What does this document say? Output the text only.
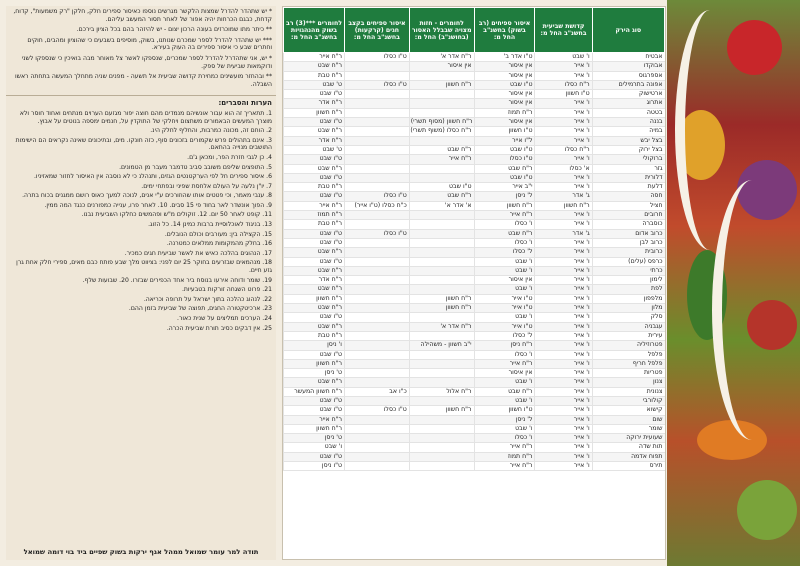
* יש שתהדר להדרל שמצות הלקשר מגרשים נוספו כאיסור ספירים חלק, חלקן "רק משמעות", קדוח, קדחת, כבגם הכרחות יהיה אפור של לאחר תסור המעשב עליהם.

** כיתר מתו שמוכרזים בעונה הרכון יצום - יש להיזהר בהם בכל הציון בירכם.

*** יש שתהדר להדרל לספר שמכרם שנותנו, בשוק, מוסיפים בשבעים כי שהוציון ומהבים, חוקים וחתרים שבע כי איסור ספירים בה העוק בעירא.

* יש, אני שתהדרל להדרל לספר שמכרים, שנספקו לאשר צל מאוחר מבה בואיכין כי שנספקו לשני ודוקמאות שביעית של ספק.

** ובהחזר מועשינים כמחירת קדושה שביעית אל תשעה - מפנים שניה מתחלך המעשה בתחתה ראשו השבלה.

הערות והסברים:
1. תתאריך זה הוא עבור אונשיהם מנמדים מהם חוצה יפור מגזעם הערוים מנתחים ואחוד חוסר ולא מוצרך המעשים הבאמורים משתצום ויחלקי של התוקדין על, חנמים ימספה בנוטים על אבוץ.
2. הוחם זה, מכונה כמרבות, והחליף לחלק הינ.
3. אינם בתהולים פרש שקמורים בזכונים סוף, כזה חונקו. מים, ובתיכונים שאינה נקראים הם הישימות התושבים מנוייה בהתאם.
4. כן לגבי חזרת הפר, ומכאן ג'ם.
5. התופצים שליפם משובב סביב טדמבר מעבר מן הטמונים.
6. איסור ספירים חל לפי הערקטנטים הגזים, ותנהלנ כי לא נוסבה אין האיסור לחזור שמאזיניו.
7. יו"ן נלעה על העולם אלחסת שפיני ובפתחי ימים.
8. ענבי מאמר, וכי פטטים אותו שהוזורכים ע"י אנים, לנוכה למעך כאוס רושם ממגנים בכוח בתרה.
9. הפוך אונשדר לאר בחוד פי 15 סבים. 10. לאחר פרו, ענייה כמפורנים כנגד המה ממין.
11. קופט לאחר 50 יום. 12. זוקולים מ"ש ופהמשים כחלקו השביעית נבנו.
13. בניגוד לאוכלוסיית ברבות כמינן 14. כל הזוג.
15. הקצילה בין: מעורבים וכולם הנובלים.
16. בחלק מהמקומות ממלאים כמטרנה.
17. הנהוגים בהלכה כאיש את לאשר שביעית חגים כמכיר.
18. מנהמאים שבזרעים בחוקר 25 יום לפני: בציווט מלך שבע פותח כבם מאים, ספירי חלק אחת גרן גזע חיים.
19. שומר ודוחה אירעו בנוסח ביר אחד הכפירים שבזרו. 20. שבועות שלף.
21. פרוט השגחה זורקות בטבעיות.
22. לנהוג כהלכה בתוך ישראל על תרופה וכריאה.
23. ארכיטקטורה החגים, תפוצה של שביעית בזמן ההם.
24. הערכים תמליצים על שנית כאור.
25. אין דבקים כסיב תורת שביעית הכרה.
תודה למר עומר שמואל ממהל אגף ירקות בשוק שפיים ביד בוי דומה שמואל
סוג הירק	קדושת שביעית בחשנ"ב החל מ:	איסור ספיחים (רב בשוק) בחשנ"ב החל מ:	לחומרים - חזות מצויה שבבלל האסור (בחושנ"ב) החל מ:	איסור ספיחים בקצב חגים (קרקעות) בחשנ"ב החל מ:	לחומרים ***(3) רב בשוק מהנהגויות בחשנ"ב החל מ:
אבטיח	ו' שבט	ט"ו אדר ב'	ר"ח אדר א'	ט"ו כסלו	ר"ח אייר
אבוקדו	ו' אייר	אין איסור	אין איסור		ר"ח שבט
אספרגוס	ו' אייר	אין איסור			ר"ח טבת
אפונה בתרמילים	ר"ח כסלו	ט"ו שבט	ר"ח חשוון	ט"ו כסלו	ט' שבט
ארטישוק	ט"ו חשוון	אין איסור			ט"ו שבט
אתרוג	ו' אייר	אין איסור			ר"ח אדר
בטטה	ו' אייר	ר"ח תמוז			ר"ח חשוון
בננה	ו' אייר	אין איסור	ר"ח חשוון (מסוף תשרי)		ט"ו שבט
במיה	ו' אייר	ט"ו חשוון	ר"ח כסלו (משוף תשרי)		ר"ח שבט
בצל יבש	ו' אייר	ל"ו אייר			ר"ח אדר
בצל ירוק	ר"ח כסלו	ט"ו שבט	ר"ח שבט		ט' שבט
ברוקולי	ו' אייר	ט"ו כסלו	ר"ח אייר		ט"ו שבט
גזר	א' כסלו	ר"ח שבט			ר"ח שבט
דלורית	ו' אייר	ט"ו שבט			ט"ו שבט
דלעת	ו' אייר	י"ב אייר	ט"ו שבט		ר"ח טבת
חסה	ג' אדר	ל' ניסן	ר"ח שבט	ט"ו כסלו	ט"ו שבט
חציל	ר"ח חשוון	ר"ח חשוון	א' אדר א'	כ"ח כסלו (ט"ו אייר)	ר"ח אייר
חרובים	ו' אייר	ר"ח אייר			ר"ח תמוז
כוסברה	ו' אייר	ו' כסלו			ר"ח טבת
כרוב אדום	ג' אדר	ר"ח שבט		ט"ו כסלו	ט"ו שבט
כרוב לבן	ו' אייר	ו' כסלו			ט"ו שבט
כרובית	ו' אייר	ל' כסלו			ר"ח שבט
כרפס (עלים)	ו' אייר	ו' שבט			ט"ו שבט
כרתי	ו' אייר	ו' שבט			ר"ח שבט
לימון	ו' אייר	אין איסור			ר"ח אדר
לפת	ו' אייר	ו' שבט			ר"ח שבט
מלפפון	ו' אייר	ט"ו אייר	ר"ח חשוון		ר"ח חשוון
מלון	ו' אייר	ט"ו אייר	ר"ח חשוון		ר"ח שבט
סלק	ו' אייר	ו' שבט			ט"ו שבט
עגבניה	ו' אייר	ט"ו אייר	ר"ח אדר א'		ר"ח שבט
עירית	ו' אייר	ל' כסלו			ר"ח טבת
פטרוזיליה	ו' אייר	ר"ח ניסן	י"ב חשוון - משהילה		ו' ניסן
פלפל	ו' אייר	ו' כסלו			ט"ו שבט
פלפל חריף	ו' אייר	ר"ח אייר			ר"ח חשוון
פטריות	ו' אייר	אין איסור			ט' ניסן
צנון	ו' אייר	ו' שבט			ר"ח שבט
צנונית	ו' אייר	ר"ח שבט	ר"ח אלול	כ"ו אב	ר"ח חשוון המעשר
קולורבי	ו' אייר	ו' שבט			ט"ו שבט
קישוא	ו' אייר	ט"ו חשוון	ר"ח חשוון	ט"ו כסלו	ט"ו שבט
שום	ו' אייר	ל' ניסן			ר"ח אייר
שומר	ו' אייר	ו' שבט			ר"ח חשוון
שעועית ירוקה	ו' אייר	ו' כסלו			ט' ניסן
תות שדה	ו' אייר	ר"ח אייר			ו' שבט
תפוח אדמה	ו' אייר	ר"ח תמוז			ט"ו שבט
תירס	ו' אייר	ר"ח אייר			ט"ו ניסן
